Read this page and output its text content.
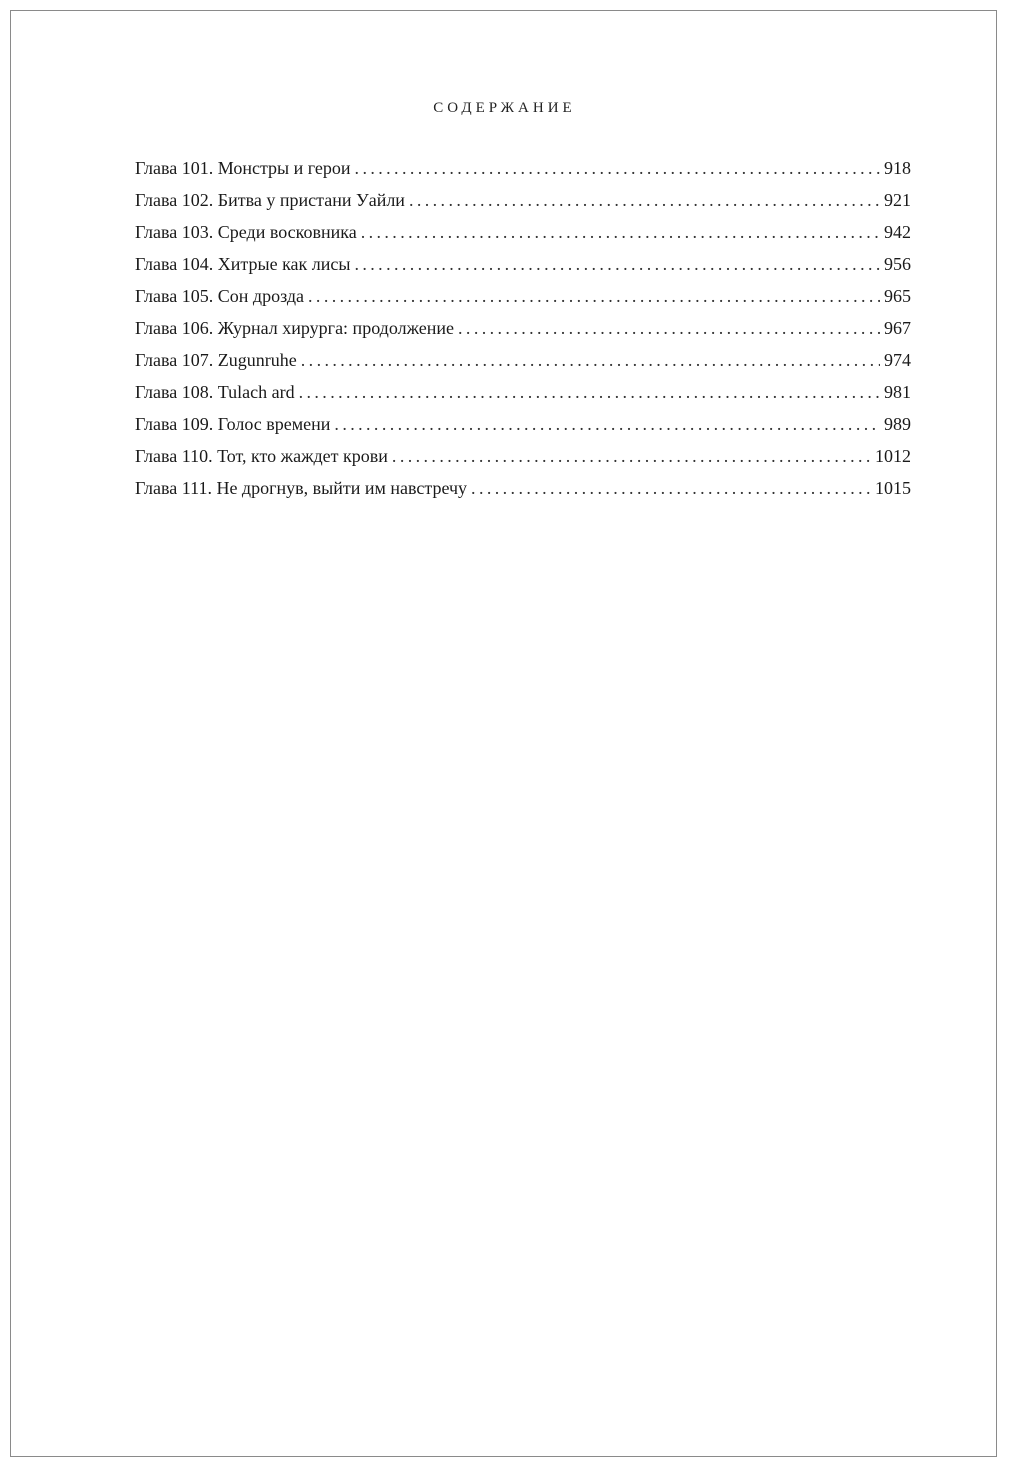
СОДЕРЖАНИЕ
Глава 101. Монстры и герои .....	918
Глава 102. Битва у пристани Уайли .....	921
Глава 103. Среди восковника .....	942
Глава 104. Хитрые как лисы .....	956
Глава 105. Сон дрозда .....	965
Глава 106. Журнал хирурга: продолжение .....	967
Глава 107. Zugunruhe .....	974
Глава 108. Tulach ard .....	981
Глава 109. Голос времени .....	989
Глава 110. Тот, кто жаждет крови .....	1012
Глава 111. Не дрогнув, выйти им навстречу .....	1015
